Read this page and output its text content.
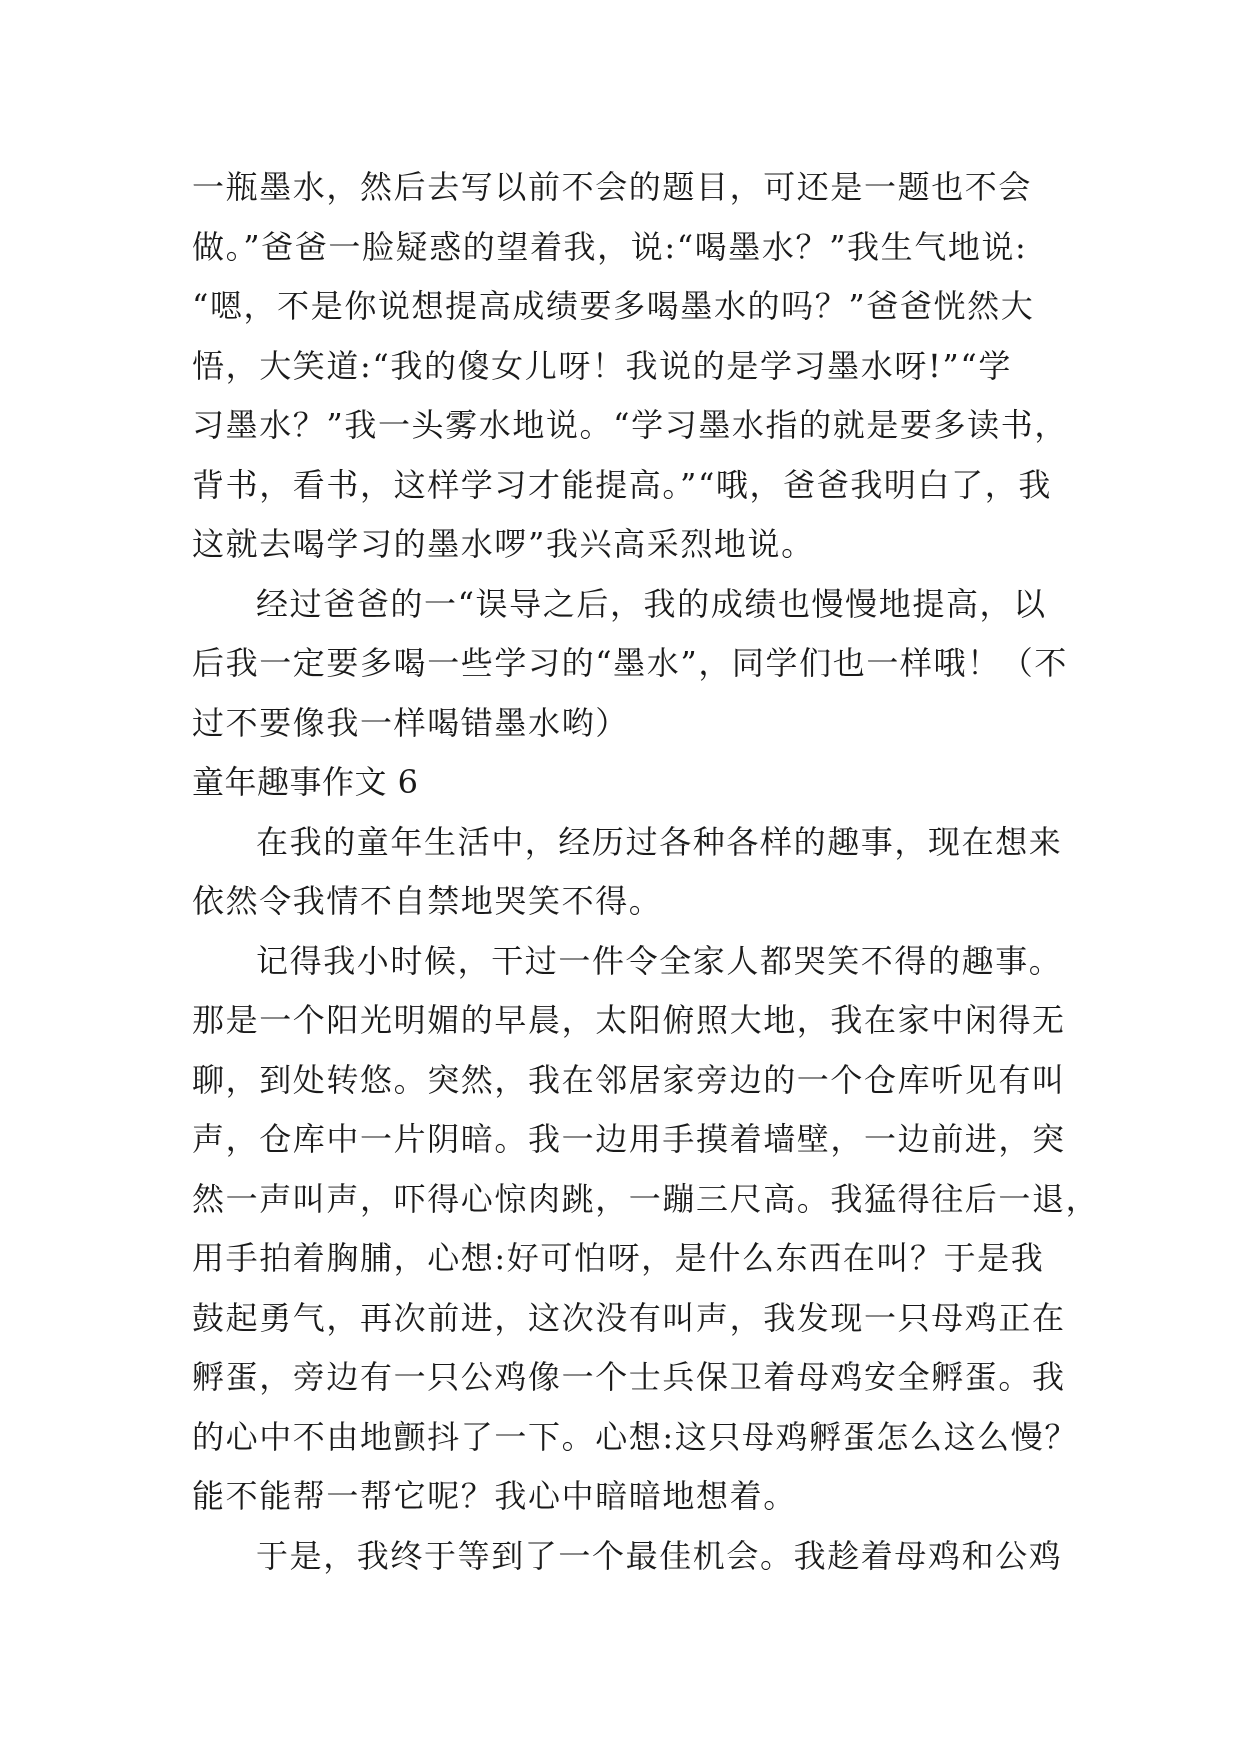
一瓶墨水，然后去写以前不会的题目，可还是一题也不会
做。”爸爸一脸疑惑的望着我，说:“喝墨水？”我生气地说:
“嗯，不是你说想提高成绩要多喝墨水的吗？”爸爸恍然大
悟，大笑道:“我的傻女儿呀！我说的是学习墨水呀!”“学
习墨水？”我一头雾水地说。“学习墨水指的就是要多读书，
背书，看书，这样学习才能提高。”“哦，爸爸我明白了，我
这就去喝学习的墨水啰”我兴高采烈地说。
经过爸爸的一“误导之后，我的成绩也慢慢地提高，以
后我一定要多喝一些学习的“墨水”，同学们也一样哦！（不
过不要像我一样喝错墨水哟）
童年趣事作文 6
在我的童年生活中，经历过各种各样的趣事，现在想来
依然令我情不自禁地哭笑不得。
记得我小时候，干过一件令全家人都哭笑不得的趣事。
那是一个阳光明媚的早晨，太阳俯照大地，我在家中闲得无
聊，到处转悠。突然，我在邻居家旁边的一个仓库听见有叫
声，仓库中一片阴暗。我一边用手摸着墙壁，一边前进，突
然一声叫声，吓得心惊肉跳，一蹦三尺高。我猛得往后一退，
用手拍着胸脯，心想:好可怕呀，是什么东西在叫？于是我
鼓起勇气，再次前进，这次没有叫声，我发现一只母鸡正在
孵蛋，旁边有一只公鸡像一个士兵保卫着母鸡安全孵蛋。我
的心中不由地颤抖了一下。心想:这只母鸡孵蛋怎么这么慢？
能不能帮一帮它呢？我心中暗暗地想着。
于是，我终于等到了一个最佳机会。我趁着母鸡和公鸡
